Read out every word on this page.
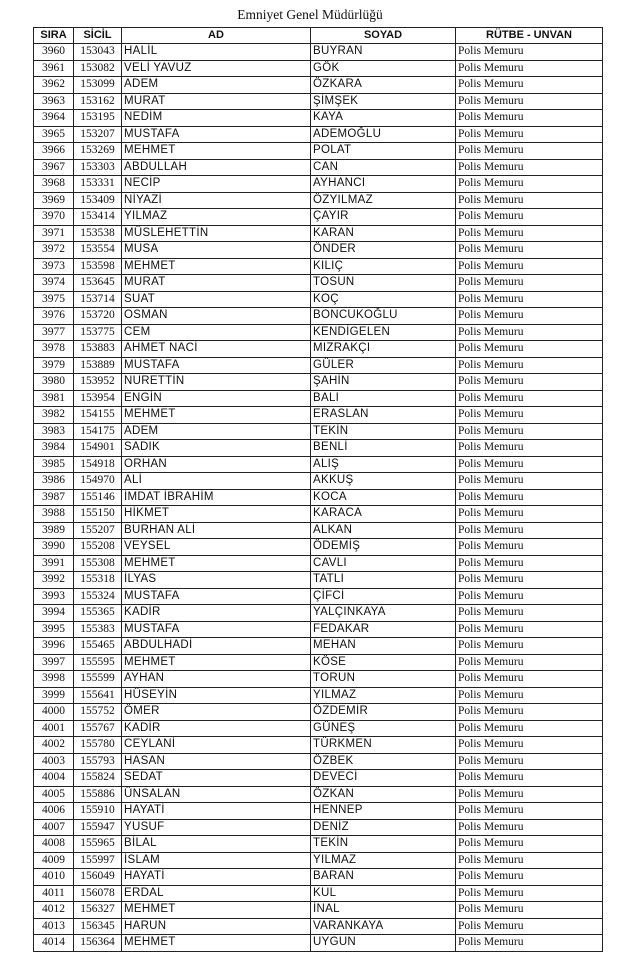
Emniyet Genel Müdürlüğü
SIRA	SİCİL	AD	SOYAD	RÜTBE - UNVAN
3960	153043	HALİL	BUYRAN	Polis Memuru
3961	153082	VELİ YAVUZ	GÖK	Polis Memuru
3962	153099	ADEM	ÖZKARA	Polis Memuru
3963	153162	MURAT	ŞİMŞEK	Polis Memuru
3964	153195	NEDİM	KAYA	Polis Memuru
3965	153207	MUSTAFA	ADEMOĞLU	Polis Memuru
3966	153269	MEHMET	POLAT	Polis Memuru
3967	153303	ABDULLAH	CAN	Polis Memuru
3968	153331	NECİP	AYHANCI	Polis Memuru
3969	153409	NİYAZİ	ÖZYILMAZ	Polis Memuru
3970	153414	YILMAZ	ÇAYIR	Polis Memuru
3971	153538	MÜSLEHETTİN	KARAN	Polis Memuru
3972	153554	MUSA	ÖNDER	Polis Memuru
3973	153598	MEHMET	KILIÇ	Polis Memuru
3974	153645	MURAT	TOSUN	Polis Memuru
3975	153714	SUAT	KOÇ	Polis Memuru
3976	153720	OSMAN	BONCUKOĞLU	Polis Memuru
3977	153775	CEM	KENDİGELEN	Polis Memuru
3978	153883	AHMET NACİ	MIZRAKÇI	Polis Memuru
3979	153889	MUSTAFA	GÜLER	Polis Memuru
3980	153952	NURETTİN	ŞAHİN	Polis Memuru
3981	153954	ENGİN	BALI	Polis Memuru
3982	154155	MEHMET	ERASLAN	Polis Memuru
3983	154175	ADEM	TEKİN	Polis Memuru
3984	154901	SADIK	BENLİ	Polis Memuru
3985	154918	ORHAN	ALIŞ	Polis Memuru
3986	154970	ALİ	AKKUŞ	Polis Memuru
3987	155146	İMDAT İBRAHİM	KOCA	Polis Memuru
3988	155150	HİKMET	KARACA	Polis Memuru
3989	155207	BURHAN ALİ	ALKAN	Polis Memuru
3990	155208	VEYSEL	ÖDEMİŞ	Polis Memuru
3991	155308	MEHMET	CAVLI	Polis Memuru
3992	155318	İLYAS	TATLI	Polis Memuru
3993	155324	MUSTAFA	ÇİFCİ	Polis Memuru
3994	155365	KADİR	YALÇINKAYA	Polis Memuru
3995	155383	MUSTAFA	FEDAKAR	Polis Memuru
3996	155465	ABDULHADİ	MEHAN	Polis Memuru
3997	155595	MEHMET	KÖSE	Polis Memuru
3998	155599	AYHAN	TORUN	Polis Memuru
3999	155641	HÜSEYİN	YILMAZ	Polis Memuru
4000	155752	ÖMER	ÖZDEMİR	Polis Memuru
4001	155767	KADİR	GÜNEŞ	Polis Memuru
4002	155780	CEYLANİ	TÜRKMEN	Polis Memuru
4003	155793	HASAN	ÖZBEK	Polis Memuru
4004	155824	SEDAT	DEVECİ	Polis Memuru
4005	155886	ÜNSALAN	ÖZKAN	Polis Memuru
4006	155910	HAYATİ	HENNEP	Polis Memuru
4007	155947	YUSUF	DENİZ	Polis Memuru
4008	155965	BİLAL	TEKİN	Polis Memuru
4009	155997	İSLAM	YILMAZ	Polis Memuru
4010	156049	HAYATİ	BARAN	Polis Memuru
4011	156078	ERDAL	KUL	Polis Memuru
4012	156327	MEHMET	İNAL	Polis Memuru
4013	156345	HARUN	VARANKAYA	Polis Memuru
4014	156364	MEHMET	UYGUN	Polis Memuru
